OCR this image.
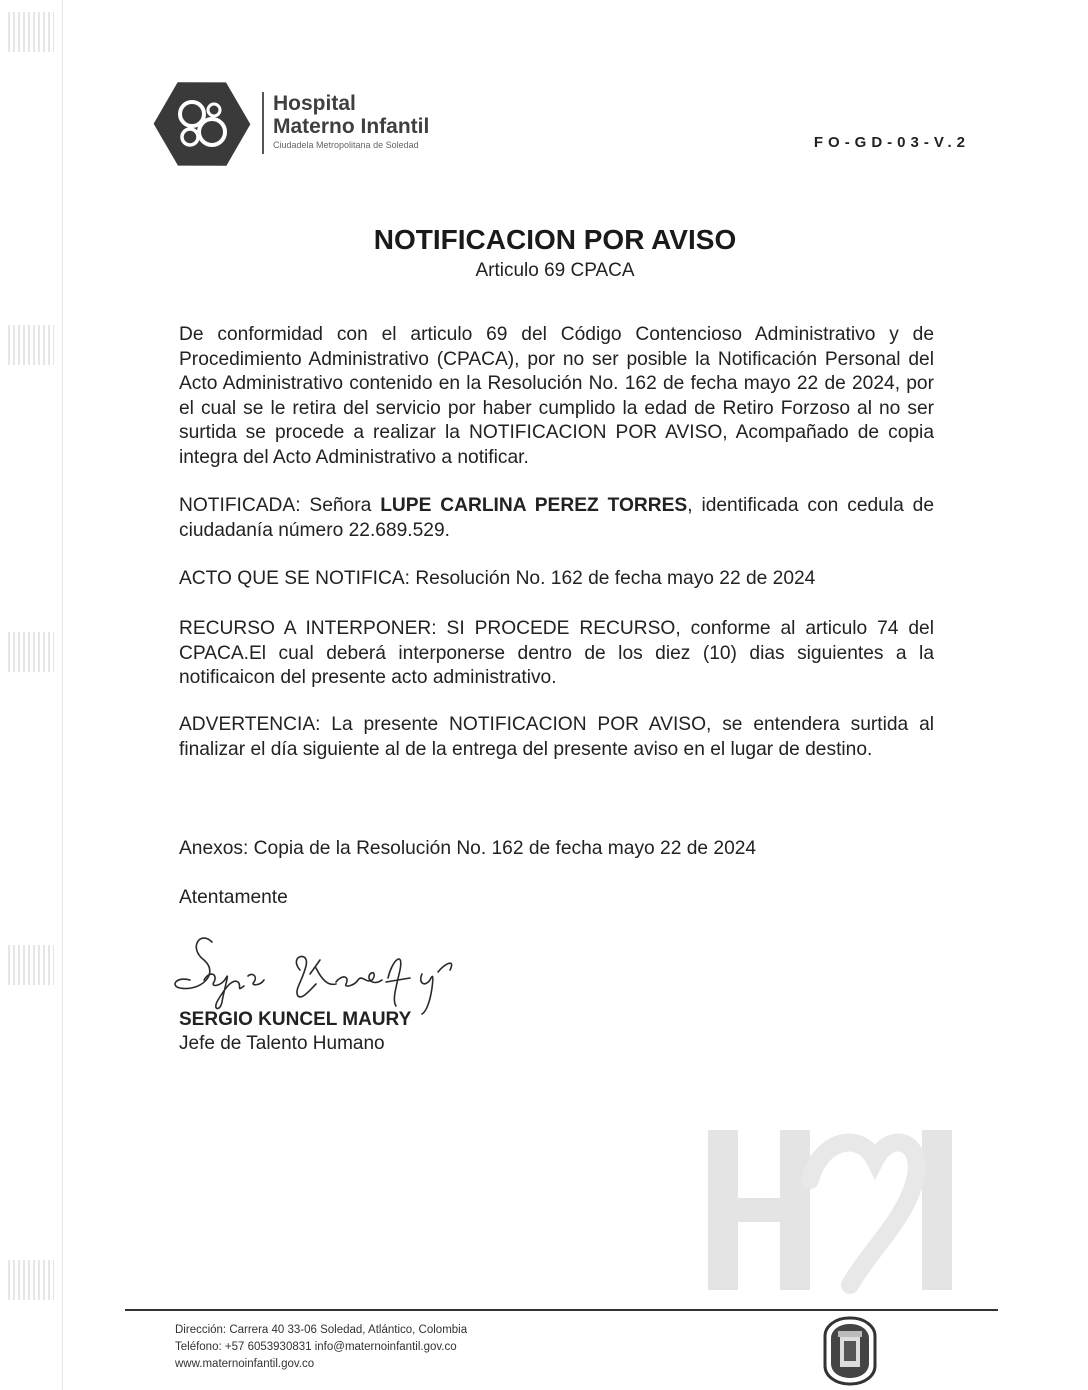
Hospital
Materno Infantil
Ciudadela Metropolitana de Soledad	FO-GD-03-V.2
NOTIFICACION POR AVISO
Articulo 69 CPACA
De conformidad con el articulo 69 del Código Contencioso Administrativo y de Procedimiento Administrativo (CPACA), por no ser posible la Notificación Personal del Acto Administrativo contenido en la Resolución No. 162 de fecha mayo 22 de 2024, por el cual se le retira del servicio por haber cumplido la edad de Retiro Forzoso al no ser surtida se procede a realizar la NOTIFICACION POR AVISO, Acompañado de copia integra del Acto Administrativo a notificar.
NOTIFICADA: Señora LUPE CARLINA PEREZ TORRES, identificada con cedula de ciudadanía número 22.689.529.
ACTO QUE SE NOTIFICA: Resolución No. 162 de fecha mayo 22 de 2024
RECURSO A INTERPONER: SI PROCEDE RECURSO, conforme al articulo 74 del CPACA.El cual deberá interponerse dentro de los diez (10) dias siguientes a la notificaicon del presente acto administrativo.
ADVERTENCIA: La presente NOTIFICACION POR AVISO, se entendera surtida al finalizar el día siguiente al de la entrega del presente aviso en el lugar de destino.
Anexos: Copia de la Resolución No. 162 de fecha mayo 22 de 2024
Atentamente
SERGIO KUNCEL MAURY
Jefe de Talento Humano
Dirección: Carrera 40 33-06 Soledad, Atlántico, Colombia
Teléfono: +57 6053930831 info@maternoinfantil.gov.co
www.maternoinfantil.gov.co
